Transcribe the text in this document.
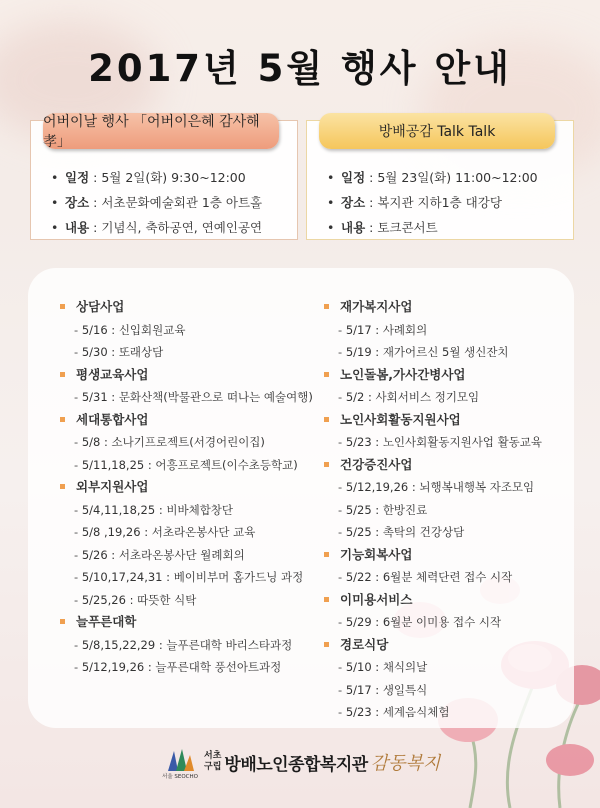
2017년 5월 행사 안내
어버이날 행사 「어버이은혜 감사해 孝」
• 일정 : 5월 2일(화) 9:30~12:00
• 장소 : 서초문화예술회관 1층 아트홀
• 내용 : 기념식, 축하공연, 연예인공연
방배공감 Talk Talk
• 일정 : 5월 23일(화) 11:00~12:00
• 장소 : 복지관 지하1층 대강당
• 내용 : 토크콘서트
상담사업
- 5/16 : 신입회원교육
- 5/30 : 또래상담
평생교육사업
- 5/31 : 문화산책(박물관으로 떠나는 예술여행)
세대통합사업
- 5/8 : 소나기프로젝트(서경어린이집)
- 5/11,18,25 : 어흥프로젝트(이수초등학교)
외부지원사업
- 5/4,11,18,25 : 비바체합창단
- 5/8 ,19,26 : 서초라온봉사단 교육
- 5/26 : 서초라온봉사단 월례회의
- 5/10,17,24,31 : 베이비부머 홈가드닝 과정
- 5/25,26 : 따뜻한 식탁
늘푸른대학
- 5/8,15,22,29 : 늘푸른대학 바리스타과정
- 5/12,19,26 : 늘푸른대학 풍선아트과정
재가복지사업
- 5/17 : 사례회의
- 5/19 : 재가어르신 5월 생신잔치
노인돌봄,가사간병사업
- 5/2 : 사회서비스 정기모임
노인사회활동지원사업
- 5/23 : 노인사회활동지원사업 활동교육
건강증진사업
- 5/12,19,26 : 뇌행복내행복 자조모임
- 5/25 : 한방진료
- 5/25 : 촉탁의 건강상담
기능회복사업
- 5/22 : 6월분 체력단련 접수 시작
이미용서비스
- 5/29 : 6월분 이미용 접수 시작
경로식당
- 5/10 : 채식의날
- 5/17 : 생일특식
- 5/23 : 세계음식체험
서울 SEOCHO
서초
구립 방배노인종합복지관 감동복지
